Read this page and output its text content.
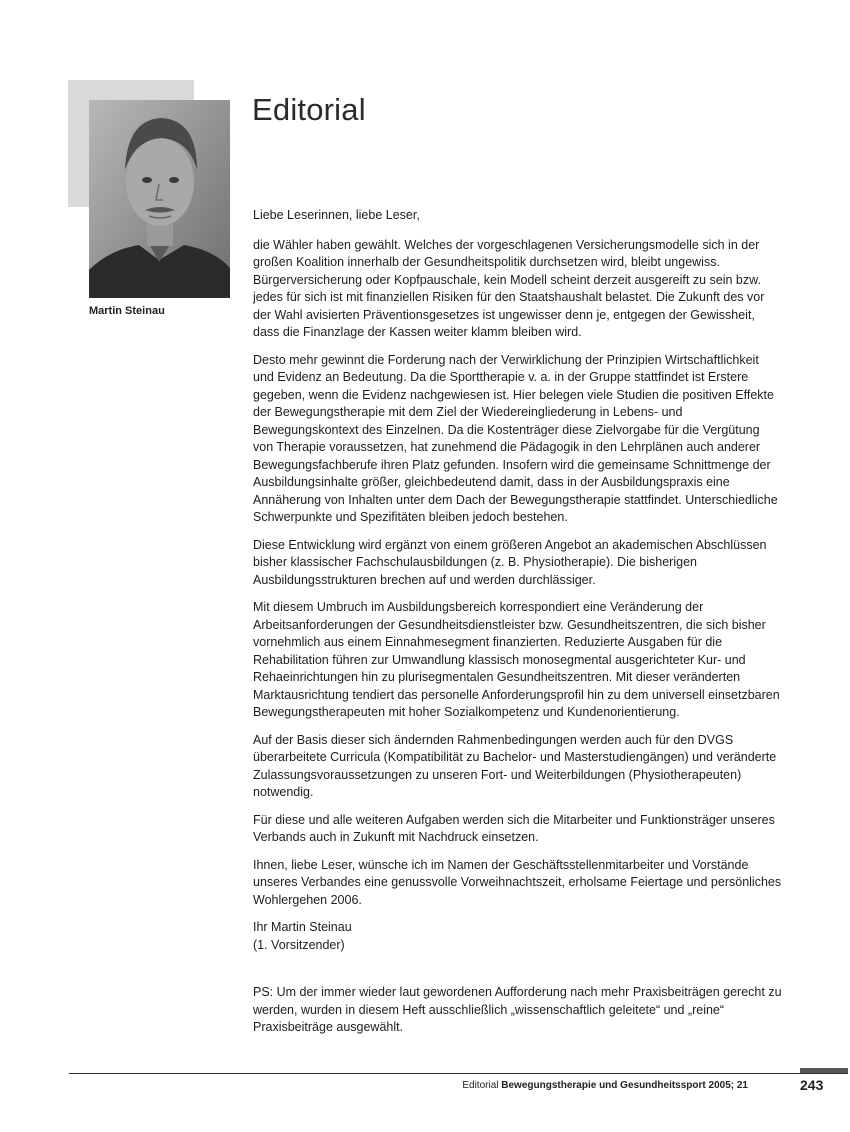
Martin Steinau
Editorial

Liebe Leserinnen, liebe Leser,

die Wähler haben gewählt. Welches der vorgeschlagenen Versicherungsmodelle sich in der großen Koalition innerhalb der Gesundheitspolitik durchsetzen wird, bleibt ungewiss. Bürgerversicherung oder Kopfpauschale, kein Modell scheint derzeit ausgereift zu sein bzw. jedes für sich ist mit finanziellen Risiken für den Staatshaushalt belastet. Die Zukunft des vor der Wahl avisierten Präventionsgesetzes ist ungewisser denn je, entgegen der Gewissheit, dass die Finanzlage der Kassen weiter klamm bleiben wird.

Desto mehr gewinnt die Forderung nach der Verwirklichung der Prinzipien Wirtschaftlichkeit und Evidenz an Bedeutung. Da die Sporttherapie v. a. in der Gruppe stattfindet ist Erstere gegeben, wenn die Evidenz nachgewiesen ist. Hier belegen viele Studien die positiven Effekte der Bewegungstherapie mit dem Ziel der Wiedereingliederung in Lebens- und Bewegungskontext des Einzelnen. Da die Kostenträger diese Zielvorgabe für die Vergütung von Therapie voraussetzen, hat zunehmend die Pädagogik in den Lehrplänen auch anderer Bewegungsfachberufe ihren Platz gefunden. Insofern wird die gemeinsame Schnittmenge der Ausbildungsinhalte größer, gleichbedeutend damit, dass in der Ausbildungspraxis eine Annäherung von Inhalten unter dem Dach der Bewegungstherapie stattfindet. Unterschiedliche Schwerpunkte und Spezifitäten bleiben jedoch bestehen.

Diese Entwicklung wird ergänzt von einem größeren Angebot an akademischen Abschlüssen bisher klassischer Fachschulausbildungen (z. B. Physiotherapie). Die bisherigen Ausbildungsstrukturen brechen auf und werden durchlässiger.

Mit diesem Umbruch im Ausbildungsbereich korrespondiert eine Veränderung der Arbeitsanforderungen der Gesundheitsdienstleister bzw. Gesundheitszentren, die sich bisher vornehmlich aus einem Einnahmesegment finanzierten. Reduzierte Ausgaben für die Rehabilitation führen zur Umwandlung klassisch monosegmental ausgerichteter Kur- und Rehaeinrichtungen hin zu plurisegmentalen Gesundheitszentren. Mit dieser veränderten Marktausrichtung tendiert das personelle Anforderungsprofil hin zu dem universell einsetzbaren Bewegungstherapeuten mit hoher Sozialkompetenz und Kundenorientierung.

Auf der Basis dieser sich ändernden Rahmenbedingungen werden auch für den DVGS überarbeitete Curricula (Kompatibilität zu Bachelor- und Masterstudiengängen) und veränderte Zulassungsvoraussetzungen zu unseren Fort- und Weiterbildungen (Physiotherapeuten) notwendig.

Für diese und alle weiteren Aufgaben werden sich die Mitarbeiter und Funktionsträger unseres Verbands auch in Zukunft mit Nachdruck einsetzen.

Ihnen, liebe Leser, wünsche ich im Namen der Geschäftsstellenmitarbeiter und Vorstände unseres Verbandes eine genussvolle Vorweihnachtszeit, erholsame Feiertage und persönliches Wohlergehen 2006.

Ihr Martin Steinau
(1. Vorsitzender)

PS: Um der immer wieder laut gewordenen Aufforderung nach mehr Praxisbeiträgen gerecht zu werden, wurden in diesem Heft ausschließlich „wissenschaftlich geleitete“ und „reine“ Praxisbeiträge ausgewählt.

Editorial Bewegungstherapie und Gesundheitssport 2005; 21	243
